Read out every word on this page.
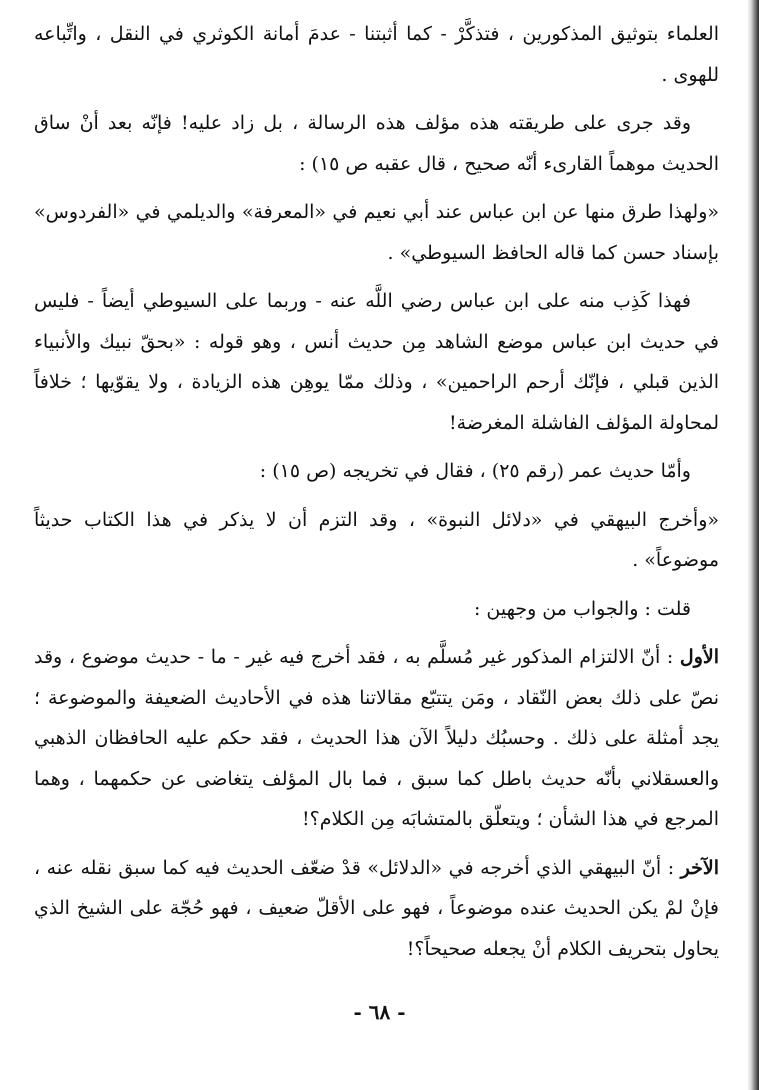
العلماء بتوثيق المذكورين ، فتذكَّرْ - كما أثبتنا - عدمَ أمانة الكوثري في النقل ، واتِّباعه للهوى .

وقد جرى على طريقته هذه مؤلف هذه الرسالة ، بل زاد عليه! فإنّه بعد أنْ ساق الحديث موهماً القارىء أنّه صحيح ، قال عقبه ص ١٥) :

«ولهذا طرق منها عن ابن عباس عند أبي نعيم في «المعرفة» والديلمي في «الفردوس» بإسناد حسن كما قاله الحافظ السيوطي» .

فهذا كَذِب منه على ابن عباس رضي اللَّه عنه - وربما على السيوطي أيضاً - فليس في حديث ابن عباس موضع الشاهد مِن حديث أنس ، وهو قوله : «بحقّ نبيك والأنبياء الذين قبلي ، فإنّك أرحم الراحمين» ، وذلك ممّا يوهِن هذه الزيادة ، ولا يقوّيها ؛ خلافاً لمحاولة المؤلف الفاشلة المغرضة!

وأمّا حديث عمر (رقم ٢٥) ، فقال في تخريجه (ص ١٥) :

«وأخرج البيهقي في «دلائل النبوة» ، وقد التزم أن لا يذكر في هذا الكتاب حديثاً موضوعاً» .

قلت : والجواب من وجهين :

الأول : أنّ الالتزام المذكور غير مُسلَّم به ، فقد أخرج فيه غير - ما - حديث موضوع ، وقد نصّ على ذلك بعض النّقاد ، ومَن يتتبّع مقالاتنا هذه في الأحاديث الضعيفة والموضوعة ؛ يجد أمثلة على ذلك . وحسبُك دليلاً الآن هذا الحديث ، فقد حكم عليه الحافظان الذهبي والعسقلاني بأنّه حديث باطل كما سبق ، فما بال المؤلف يتغاضى عن حكمهما ، وهما المرجع في هذا الشأن ؛ ويتعلّق بالمتشابَه مِن الكلام؟!

الآخر : أنّ البيهقي الذي أخرجه في «الدلائل» قدْ ضعّف الحديث فيه كما سبق نقله عنه ، فإنْ لمْ يكن الحديث عنده موضوعاً ، فهو على الأقلّ ضعيف ، فهو حُجّة على الشيخ الذي يحاول بتحريف الكلام أنْ يجعله صحيحاً؟!

- ٦٨ -
